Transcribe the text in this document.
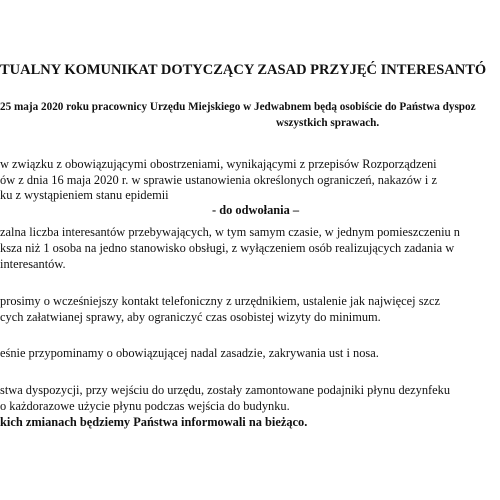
TUALNY KOMUNIKAT DOTYCZĄCY ZASAD PRZYJĘĆ INTERESANTÓ
25 maja 2020 roku pracownicy Urzędu Miejskiego w Jedwabnem będą osobiście do Państwa dyspoz
wszystkich sprawach.
w związku z obowiązującymi obostrzeniami, wynikającymi z przepisów Rozporządzeni
ów z dnia 16 maja 2020 r. w sprawie ustanowienia określonych ograniczeń, nakazów i z
ku z wystąpieniem stanu epidemii
- do odwołania –
zalna liczba interesantów przebywających, w tym samym czasie, w jednym pomieszczeniu n
ksza niż 1 osoba na jedno stanowisko obsługi, z wyłączeniem osób realizujących zadania w
interesantów.
prosimy o wcześniejszy kontakt telefoniczny z urzędnikiem, ustalenie jak najwięcej szcz
cych załatwianej sprawy, aby ograniczyć czas osobistej wizyty do minimum.
eśnie przypominamy o obowiązującej nadal zasadzie, zakrywania ust i nosa.
stwa dyspozycji, przy wejściu do urzędu, zostały zamontowane podajniki płynu dezynfeku
o każdorazowe użycie płynu podczas wejścia do budynku.
kich zmianach będziemy Państwa informowali na bieżąco.
